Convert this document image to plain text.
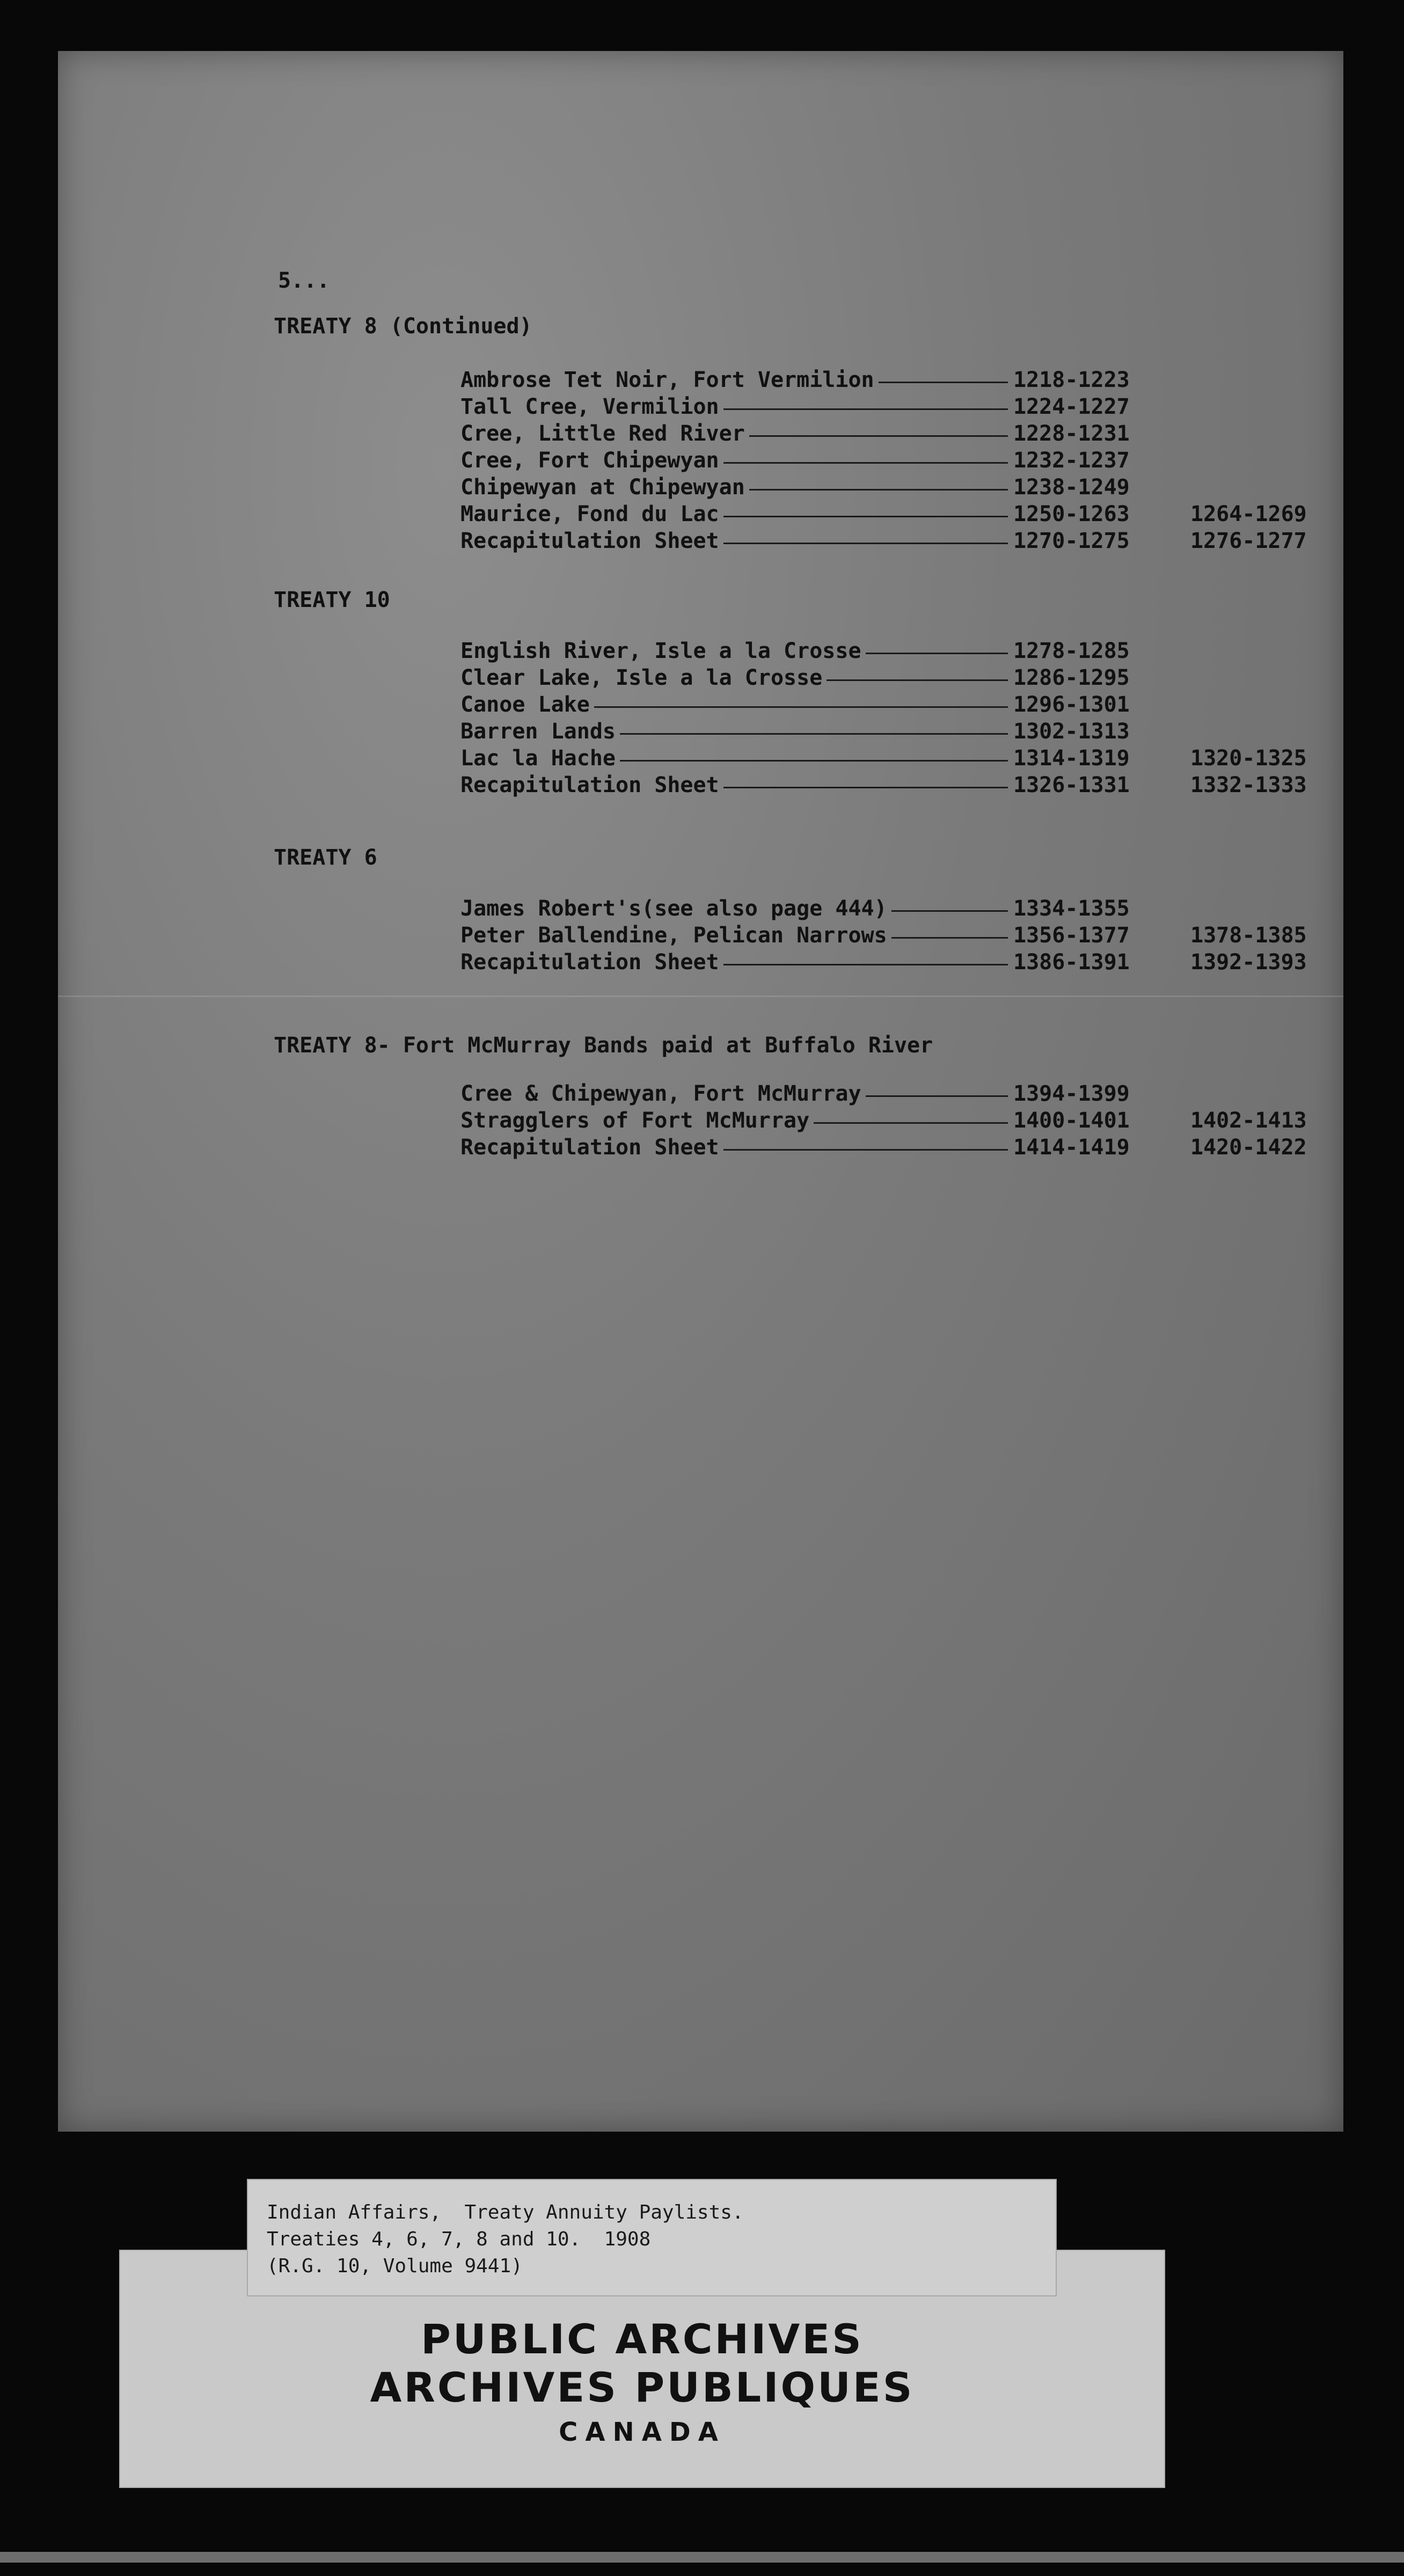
5...
TREATY 8 (Continued)
Ambrose Tet Noir, Fort Vermilion	1218-1223
Tall Cree, Vermilion	1224-1227
Cree, Little Red River	1228-1231
Cree, Fort Chipewyan	1232-1237
Chipewyan at Chipewyan	1238-1249
Maurice, Fond du Lac	1250-1263	1264-1269
Recapitulation Sheet	1270-1275	1276-1277
TREATY 10
English River, Isle a la Crosse	1278-1285
Clear Lake, Isle a la Crosse	1286-1295
Canoe Lake	1296-1301
Barren Lands	1302-1313
Lac la Hache	1314-1319	1320-1325
Recapitulation Sheet	1326-1331	1332-1333
TREATY 6
James Robert's(see also page 444)	1334-1355
Peter Ballendine, Pelican Narrows	1356-1377	1378-1385
Recapitulation Sheet	1386-1391	1392-1393
TREATY 8- Fort McMurray Bands paid at Buffalo River
Cree & Chipewyan, Fort McMurray	1394-1399
Stragglers of Fort McMurray	1400-1401	1402-1413
Recapitulation Sheet	1414-1419	1420-1422
PUBLIC ARCHIVES
ARCHIVES PUBLIQUES
CANADA
Indian Affairs,  Treaty Annuity Paylists.
Treaties 4, 6, 7, 8 and 10.  1908
(R.G. 10, Volume 9441)
